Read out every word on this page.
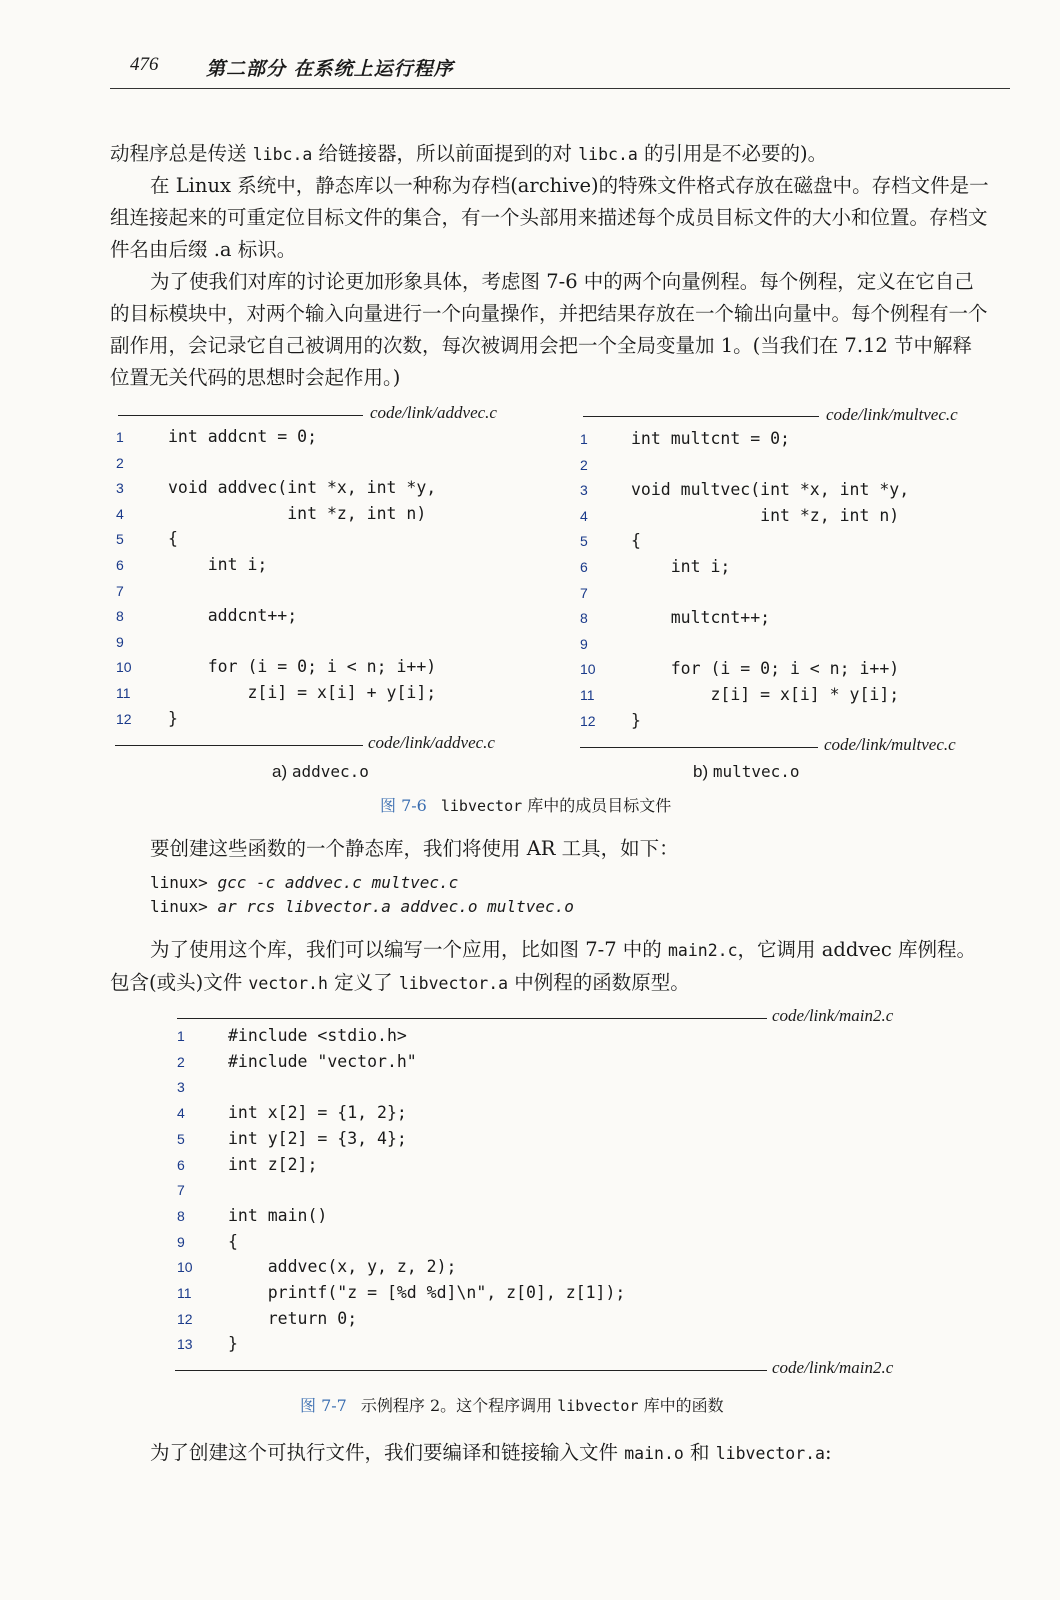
476	第二部分 在系统上运行程序

动程序总是传送 libc.a 给链接器，所以前面提到的对 libc.a 的引用是不必要的)。

在 Linux 系统中，静态库以一种称为存档(archive)的特殊文件格式存放在磁盘中。存档文件是一组连接起来的可重定位目标文件的集合，有一个头部用来描述每个成员目标文件的大小和位置。存档文件名由后缀 .a 标识。

为了使我们对库的讨论更加形象具体，考虑图 7-6 中的两个向量例程。每个例程，定义在它自己的目标模块中，对两个输入向量进行一个向量操作，并把结果存放在一个输出向量中。每个例程有一个副作用，会记录它自己被调用的次数，每次被调用会把一个全局变量加 1。(当我们在 7.12 节中解释位置无关代码的思想时会起作用。)

code/link/addvec.c
1	int addcnt = 0;
2
3	void addvec(int *x, int *y,
4	int *z, int n)
5	{
6	int i;
7
8	addcnt++;
9
10	for (i = 0; i < n; i++)
11	z[i] = x[i] + y[i];
12	}
code/link/addvec.c
a) addvec.o
code/link/multvec.c
1	int multcnt = 0;
2
3	void multvec(int *x, int *y,
4	int *z, int n)
5	{
6	int i;
7
8	multcnt++;
9
10	for (i = 0; i < n; i++)
11	z[i] = x[i] * y[i];
12	}
code/link/multvec.c
b) multvec.o
图 7-6 libvector 库中的成员目标文件

要创建这些函数的一个静态库，我们将使用 AR 工具，如下：

linux> gcc -c addvec.c multvec.c
linux> ar rcs libvector.a addvec.o multvec.o

为了使用这个库，我们可以编写一个应用，比如图 7-7 中的 main2.c，它调用 addvec 库例程。包含(或头)文件 vector.h 定义了 libvector.a 中例程的函数原型。

code/link/main2.c
1	#include <stdio.h>
2	#include "vector.h"
3
4	int x[2] = {1, 2};
5	int y[2] = {3, 4};
6	int z[2];
7
8	int main()
9	{
10	addvec(x, y, z, 2);
11	printf("z = [%d %d]\n", z[0], z[1]);
12	return 0;
13	}
code/link/main2.c
图 7-7 示例程序 2。这个程序调用 libvector 库中的函数

为了创建这个可执行文件，我们要编译和链接输入文件 main.o 和 libvector.a:
